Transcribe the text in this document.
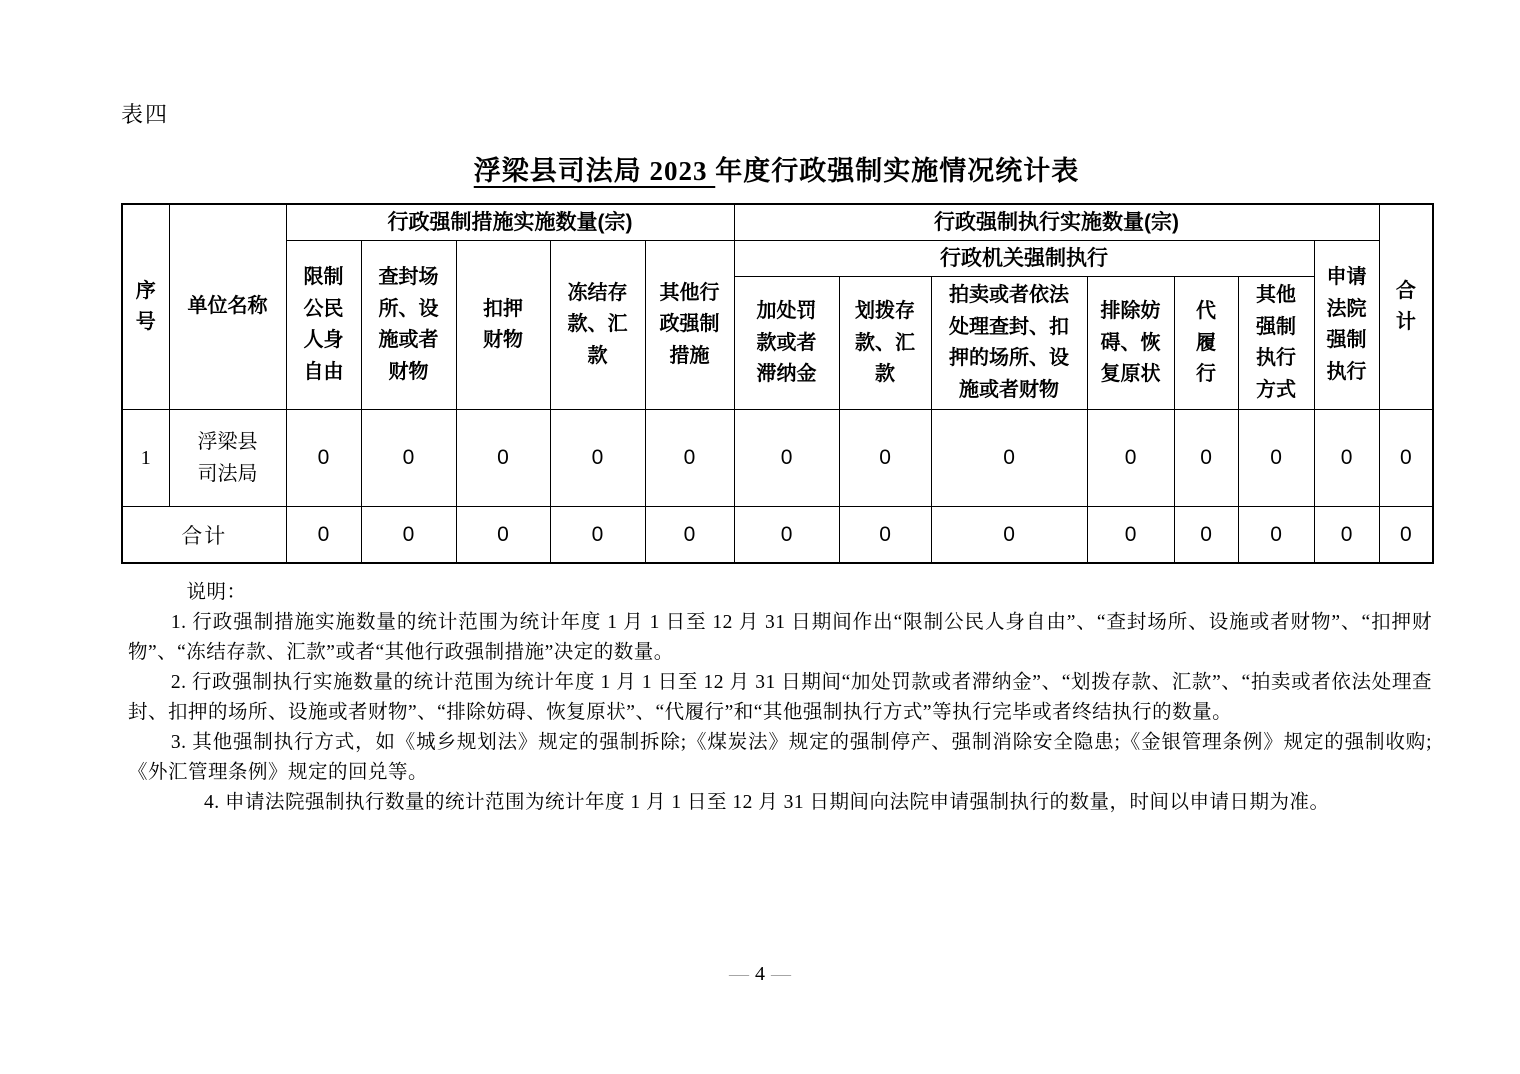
表四
浮梁县司法局 2023 年度行政强制实施情况统计表
序号	单位名称	行政强制措施实施数量(宗)					行政强制执行实施数量(宗)							合计
		限制公民人身自由	查封场所、设施或者财物	扣押财物	冻结存款、汇款	其他行政强制措施	行政机关强制执行						申请法院强制执行	
							加处罚款或者滞纳金	划拨存款、汇款	拍卖或者依法处理查封、扣押的场所、设施或者财物	排除妨碍、恢复原状	代履行	其他强制执行方式		
1	浮梁县司法局	0	0	0	0	0	0	0	0	0	0	0	0	0
合计		0	0	0	0	0	0	0	0	0	0	0	0	0

说明：

1. 行政强制措施实施数量的统计范围为统计年度 1 月 1 日至 12 月 31 日期间作出“限制公民人身自由”、“查封场所、设施或者财物”、“扣押财物”、“冻结存款、汇款”或者“其他行政强制措施”决定的数量。

2. 行政强制执行实施数量的统计范围为统计年度 1 月 1 日至 12 月 31 日期间“加处罚款或者滞纳金”、“划拨存款、汇款”、“拍卖或者依法处理查封、扣押的场所、设施或者财物”、“排除妨碍、恢复原状”、“代履行”和“其他强制执行方式”等执行完毕或者终结执行的数量。

3. 其他强制执行方式，如《城乡规划法》规定的强制拆除;《煤炭法》规定的强制停产、强制消除安全隐患;《金银管理条例》规定的强制收购;《外汇管理条例》规定的回兑等。

4. 申请法院强制执行数量的统计范围为统计年度 1 月 1 日至 12 月 31 日期间向法院申请强制执行的数量，时间以申请日期为准。

— 4 —
